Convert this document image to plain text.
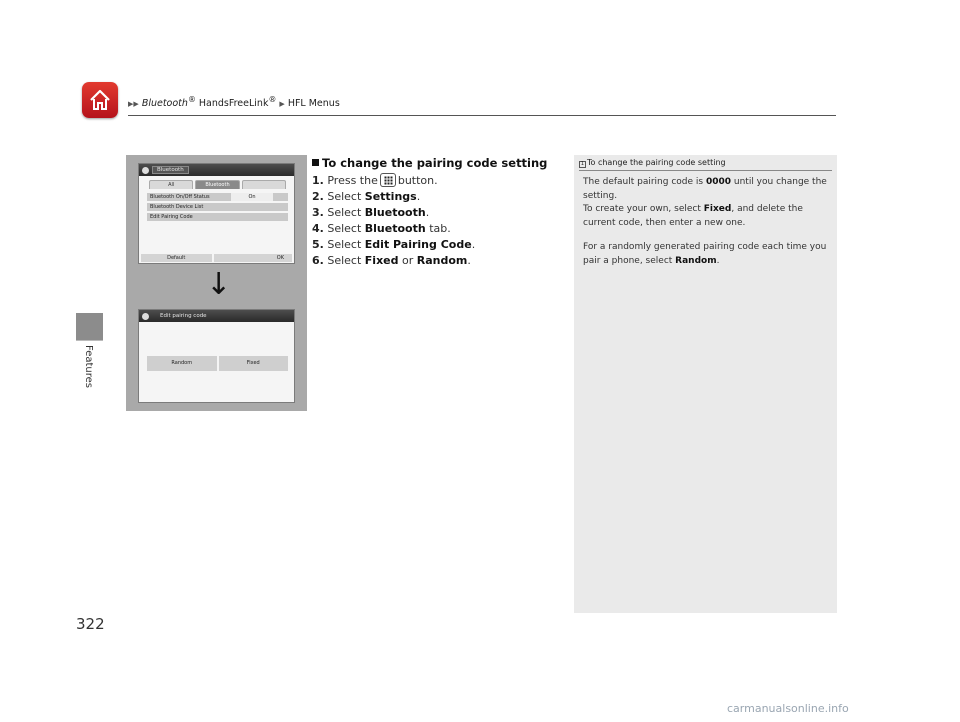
▶▶ Bluetooth® HandsFreeLink® ▶ HFL Menus
Features
322
Bluetooth
All	Bluetooth
Bluetooth On/Off Status	On
Bluetooth Device List
Edit Pairing Code
Default	OK
↓
Edit pairing code
Random	Fixed
To change the pairing code setting
1. Press the button.
2. Select Settings.
3. Select Bluetooth.
4. Select Bluetooth tab.
5. Select Edit Pairing Code.
6. Select Fixed or Random.
1 To change the pairing code setting

The default pairing code is 0000 until you change the setting.
To create your own, select Fixed, and delete the current code, then enter a new one.

For a randomly generated pairing code each time you pair a phone, select Random.

carmanualsonline.info
